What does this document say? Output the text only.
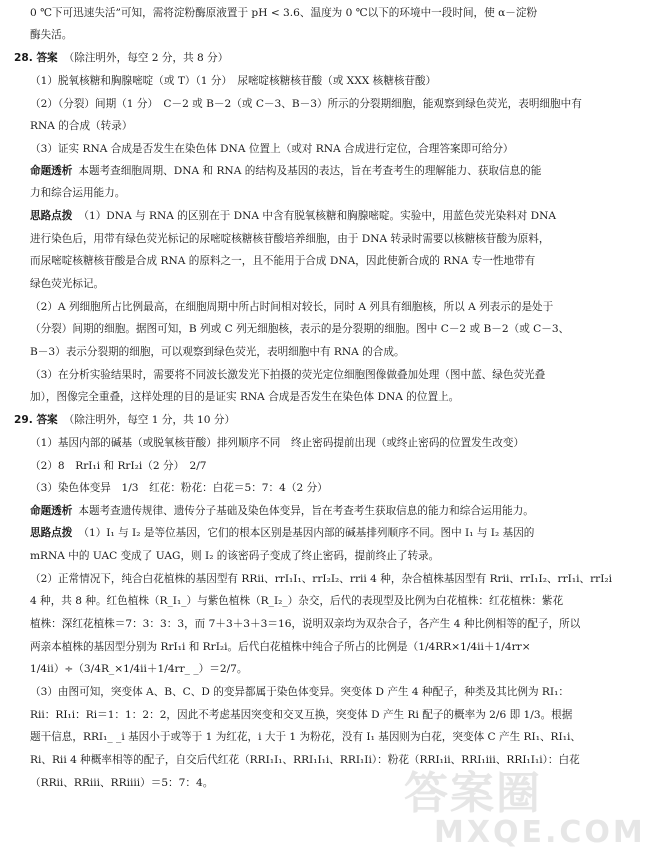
0 ℃下可迅速失活”可知，需将淀粉酶原液置于 pH < 3.6、温度为 0 ℃以下的环境中一段时间，使 α－淀粉
酶失活。
28. 答案 （除注明外，每空 2 分，共 8 分）
（1）脱氧核糖和胸腺嘧啶（或 T）（1 分）　尿嘧啶核糖核苷酸（或 XXX 核糖核苷酸）
（2）（分裂）间期（1 分）　C－2 或 B－2（或 C－3、B－3）所示的分裂期细胞，能观察到绿色荧光，表明细胞中有
RNA 的合成（转录）
（3）证实 RNA 合成是否发生在染色体 DNA 位置上（或对 RNA 合成进行定位，合理答案即可给分）
命题透析 本题考查细胞周期、DNA 和 RNA 的结构及基因的表达，旨在考查考生的理解能力、获取信息的能
力和综合运用能力。
思路点拨 （1）DNA 与 RNA 的区别在于 DNA 中含有脱氧核糖和胸腺嘧啶。实验中，用蓝色荧光染料对 DNA
进行染色后，用带有绿色荧光标记的尿嘧啶核糖核苷酸培养细胞，由于 DNA 转录时需要以核糖核苷酸为原料，
而尿嘧啶核糖核苷酸是合成 RNA 的原料之一，且不能用于合成 DNA，因此使新合成的 RNA 专一性地带有
绿色荧光标记。
（2）A 列细胞所占比例最高，在细胞周期中所占时间相对较长，同时 A 列具有细胞核，所以 A 列表示的是处于
（分裂）间期的细胞。据图可知，B 列或 C 列无细胞核，表示的是分裂期的细胞。图中 C－2 或 B－2（或 C－3、
B－3）表示分裂期的细胞，可以观察到绿色荧光，表明细胞中有 RNA 的合成。
（3）在分析实验结果时，需要将不同波长激发光下拍摄的荧光定位细胞图像做叠加处理（图中蓝、绿色荧光叠
加），图像完全重叠，这样处理的目的是证实 RNA 合成是否发生在染色体 DNA 的位置上。
29. 答案 （除注明外，每空 1 分，共 10 分）
（1）基因内部的碱基（或脱氧核苷酸）排列顺序不同　终止密码提前出现（或终止密码的位置发生改变）
（2）8　RrI₁i 和 RrI₂i（2 分）　2/7
（3）染色体变异　1/3　红花：粉花：白花＝5：7：4（2 分）
命题透析 本题考查遗传规律、遗传分子基础及染色体变异，旨在考查考生获取信息的能力和综合运用能力。
思路点拨 （1）I₁ 与 I₂ 是等位基因，它们的根本区别是基因内部的碱基排列顺序不同。图中 I₁ 与 I₂ 基因的
mRNA 中的 UAC 变成了 UAG，则 I₂ 的该密码子变成了终止密码，提前终止了转录。
（2）正常情况下，纯合白花植株的基因型有 RRii、rrI₁I₁、rrI₂I₂、rrii 4 种，杂合植株基因型有 Rrii、rrI₁I₂、rrI₁i、rrI₂i
4 种，共 8 种。红色植株（R_I₁_）与紫色植株（R_I₂_）杂交，后代的表现型及比例为白花植株：红花植株：紫花
植株：深红花植株＝7：3：3：3，而 7＋3＋3＋3＝16，说明双亲均为双杂合子，各产生 4 种比例相等的配子，所以
两亲本植株的基因型分别为 RrI₁i 和 RrI₂i。后代白花植株中纯合子所占的比例是（1/4RR×1/4ii＋1/4rr×
1/4ii）÷（3/4R_×1/4ii＋1/4rr_ _）＝2/7。
（3）由图可知，突变体 A、B、C、D 的变异都属于染色体变异。突变体 D 产生 4 种配子，种类及其比例为 RI₁：
Rii：RI₁i：Ri＝1：1：2：2，因此不考虑基因突变和交叉互换，突变体 D 产生 Ri 配子的概率为 2/6 即 1/3。根据
题干信息，RRI₁_ _i 基因小于或等于 1 为红花，i 大于 1 为粉花，没有 I₁ 基因则为白花，突变体 C 产生 RI₁、RI₁i、
Ri、Rii 4 种概率相等的配子，自交后代红花（RRI₁I₁、RRI₁I₁i、RRI₁Ii）：粉花（RRI₁ii、RRI₁iii、RRI₁I₁i）：白花
（RRii、RRiii、RRiiii）＝5：7：4。	答案圈
MXQE.COM
